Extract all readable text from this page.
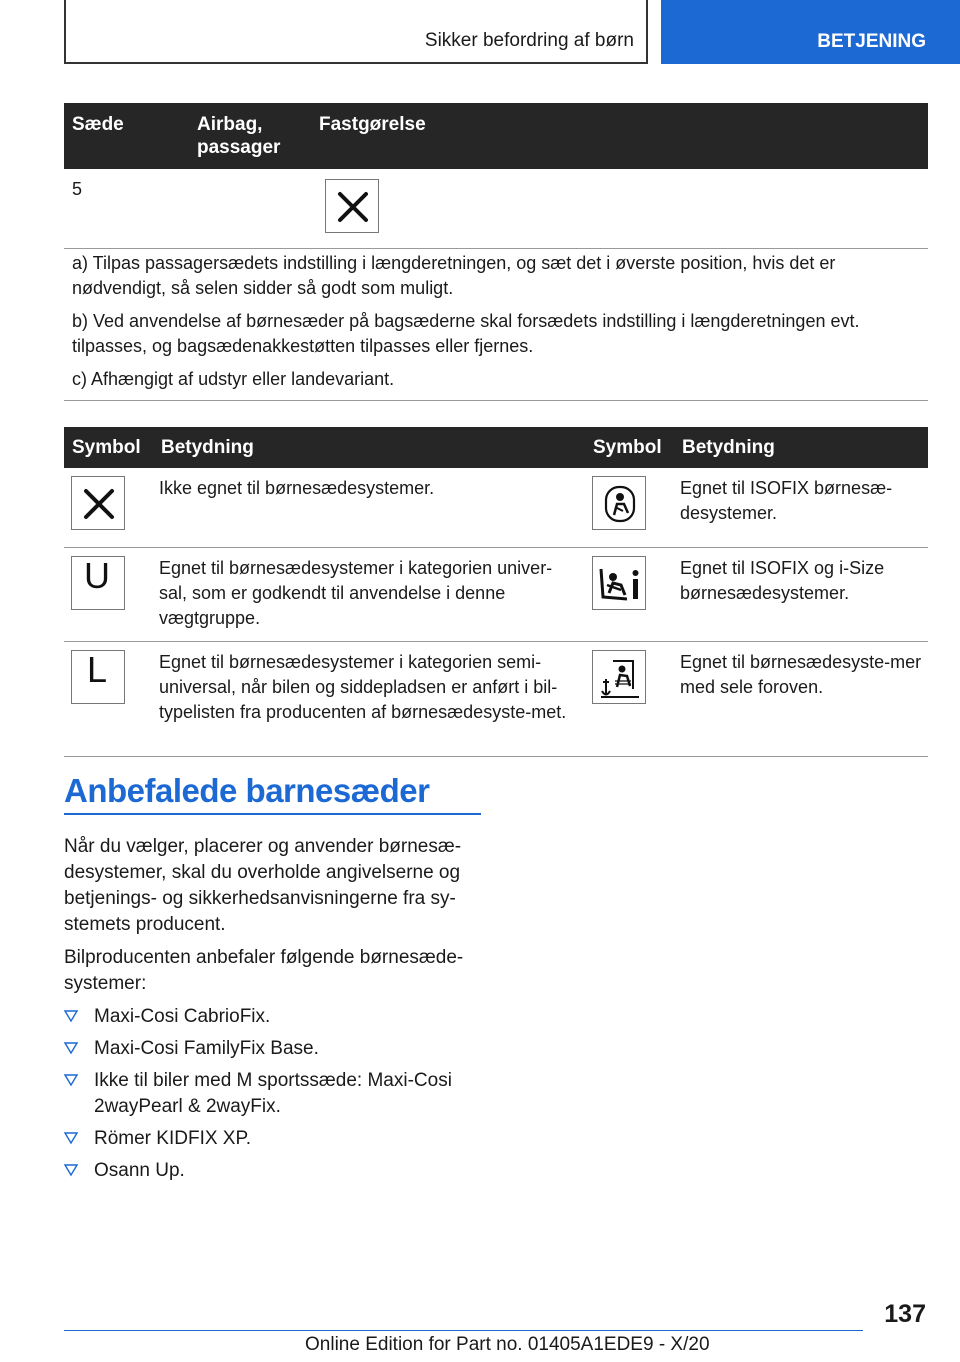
Sikker befordring af børn	BETJENING
Sæde	Airbag, passager	Fastgørelse
5		

a) Tilpas passagersædets indstilling i længderetningen, og sæt det i øverste position, hvis det er nødvendigt, så selen sidder så godt som muligt.

b) Ved anvendelse af børnesæder på bagsæderne skal forsædets indstilling i længderetningen evt. tilpasses, og bagsædenakkestøtten tilpasses eller fjernes.

c) Afhængigt af udstyr eller landevariant.

Symbol	Betydning	Symbol	Betydning

	Ikke egnet til børnesædesystemer.		Egnet til ISOFIX børnesæ-desystemer.

U	Egnet til børnesædesystemer i kategorien univer-sal, som er godkendt til anvendelse i denne vægtgruppe.		Egnet til ISOFIX og i-Size børnesædesystemer.

L	Egnet til børnesædesystemer i kategorien semi-universal, når bilen og siddepladsen er anført i bil-typelisten fra producenten af børnesædesyste-met.		Egnet til børnesædesyste-mer med sele foroven.
Anbefalede barnesæder

Når du vælger, placerer og anvender børnesæ-desystemer, skal du overholde angivelserne og betjenings- og sikkerhedsanvisningerne fra sy-stemets producent.

Bilproducenten anbefaler følgende børnesæde-systemer:

Maxi-Cosi CabrioFix.
Maxi-Cosi FamilyFix Base.
Ikke til biler med M sportssæde: Maxi-Cosi 2wayPearl & 2wayFix.
Römer KIDFIX XP.
Osann Up.
137
Online Edition for Part no. 01405A1EDE9 - X/20
